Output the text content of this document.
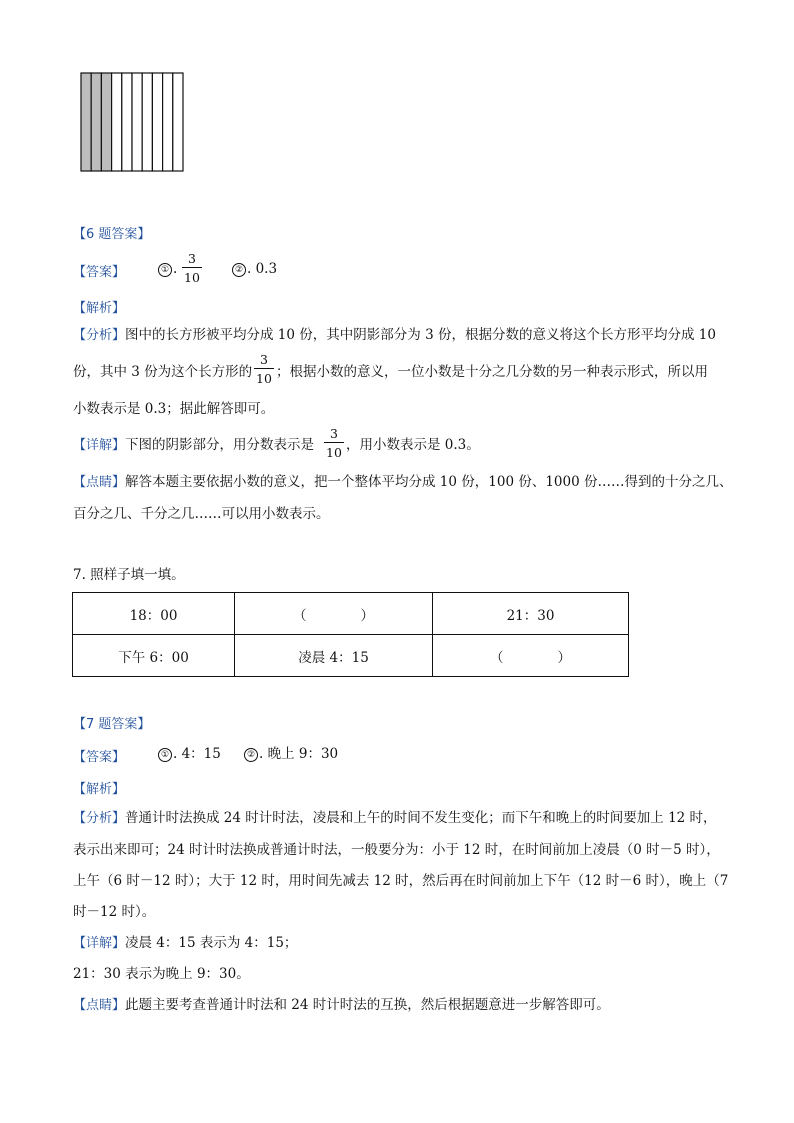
【6 题答案】
【答案】	① .
3
10
② . 0.3
【解析】
【分析】图中的长方形被平均分成 10 份，其中阴影部分为 3 份，根据分数的意义将这个长方形平均分成 10
份，其中 3 份为这个长方形的
3
10 ；根据小数的意义，一位小数是十分之几分数的另一种表示形式，所以用
小数表示是 0.3；据此解答即可。
【详解】下图的阴影部分，用分数表示是
3
10 ，用小数表示是 0.3。
【点睛】解答本题主要依据小数的意义，把一个整体平均分成 10 份，100 份、1000 份……得到的十分之几、
百分之几、千分之几……可以用小数表示。
7. 照样子填一填。
18：00	（　　　　）	21：30
下午 6：00	凌晨 4：15	（　　　　）
【7 题答案】
【答案】	① . 4：15	② . 晚上 9：30
【解析】
【分析】普通计时法换成 24 时计时法，凌晨和上午的时间不发生变化；而下午和晚上的时间要加上 12 时，
表示出来即可；24 时计时法换成普通计时法，一般要分为：小于 12 时，在时间前加上凌晨（0 时－5 时），
上午（6 时－12 时）；大于 12 时，用时间先减去 12 时，然后再在时间前加上下午（12 时－6 时），晚上（7
时－12 时）。
【详解】凌晨 4：15 表示为 4：15；
21：30 表示为晚上 9：30。
【点睛】此题主要考查普通计时法和 24 时计时法的互换，然后根据题意进一步解答即可。
